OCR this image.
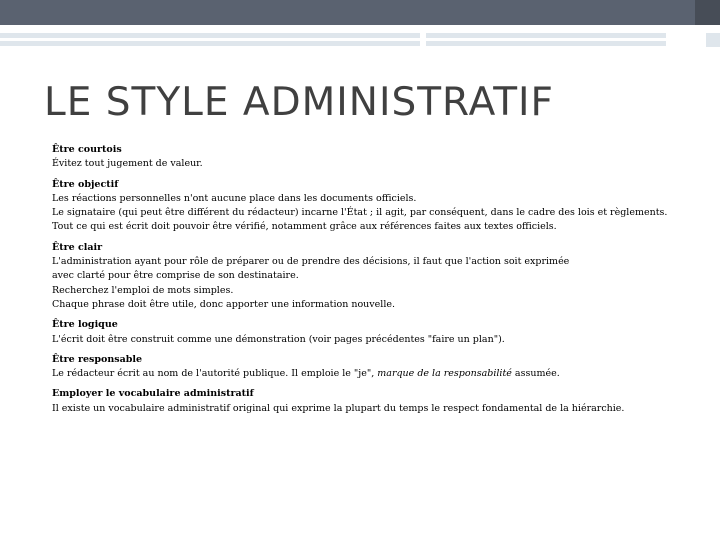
LE STYLE ADMINISTRATIF
Être courtois
Évitez tout jugement de valeur.
Être objectif
Les réactions personnelles n'ont aucune place dans les documents officiels.
Le signataire (qui peut être différent du rédacteur) incarne l'État ; il agit, par conséquent, dans le cadre des lois et règlements.
Tout ce qui est écrit doit pouvoir être vérifié, notamment grâce aux références faites aux textes officiels.
Être clair
L'administration ayant pour rôle de préparer ou de prendre des décisions, il faut que l'action soit exprimée
avec clarté pour être comprise de son destinataire.
Recherchez l'emploi de mots simples.
Chaque phrase doit être utile, donc apporter une information nouvelle.
Être logique
L'écrit doit être construit comme une démonstration (voir pages précédentes "faire un plan").
Être responsable
Le rédacteur écrit au nom de l'autorité publique. Il emploie le "je", marque de la responsabilité assumée.
Employer le vocabulaire administratif
Il existe un vocabulaire administratif original qui exprime la plupart du temps le respect fondamental de la hiérarchie.
